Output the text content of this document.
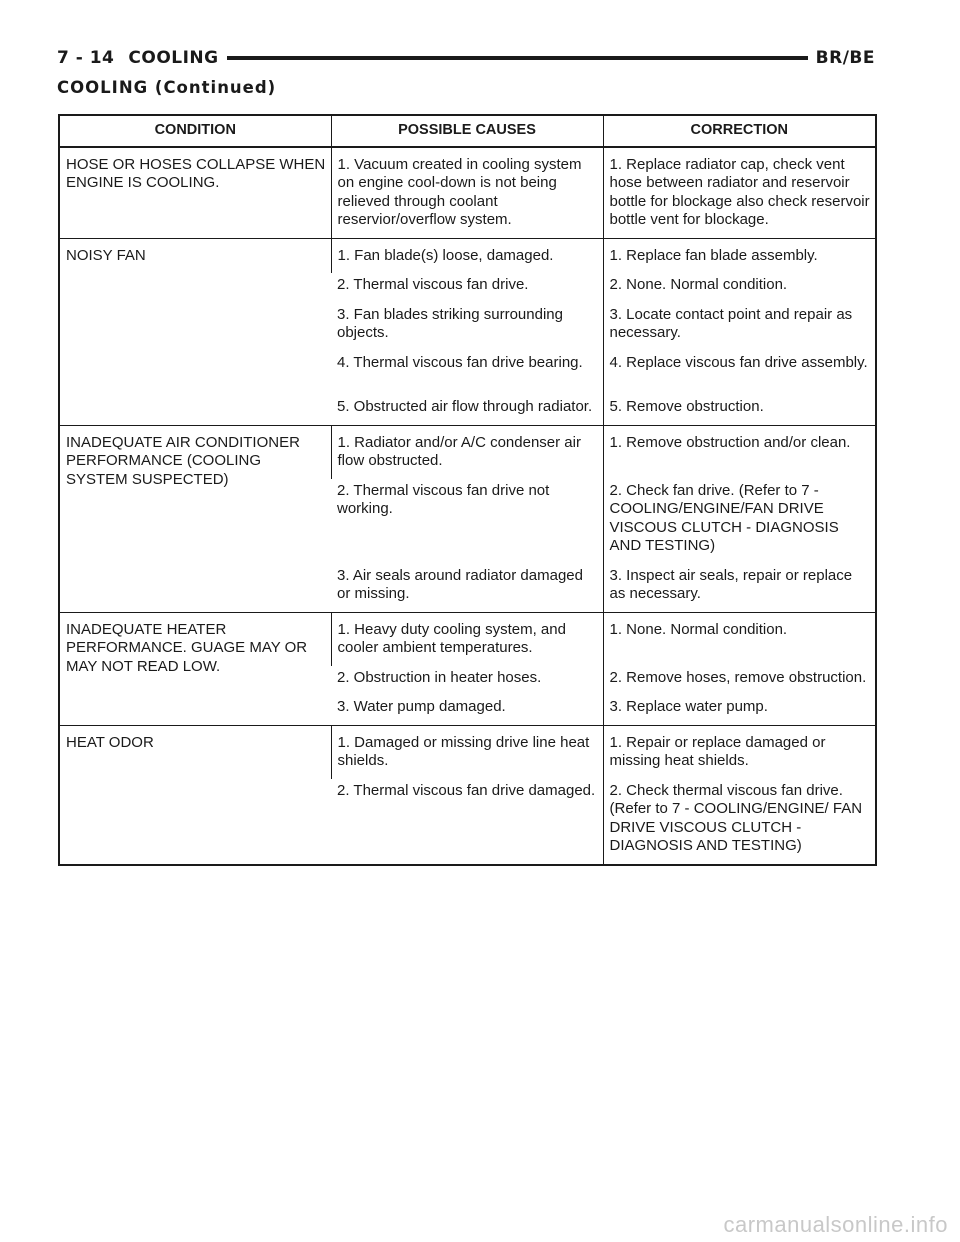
7 - 14 COOLING	BR/BE
COOLING (Continued)
CONDITION	POSSIBLE CAUSES	CORRECTION
HOSE OR HOSES COLLAPSE WHEN ENGINE IS COOLING.	1. Vacuum created in cooling system on engine cool-down is not being relieved through coolant reservior/overflow system.	1. Replace radiator cap, check vent hose between radiator and reservoir bottle for blockage also check reservoir bottle vent for blockage.
NOISY FAN	1. Fan blade(s) loose, damaged.	1. Replace fan blade assembly.
	2. Thermal viscous fan drive.	2. None. Normal condition.
	3. Fan blades striking surrounding objects.	3. Locate contact point and repair as necessary.
	4. Thermal viscous fan drive bearing.	4. Replace viscous fan drive assembly.
	5. Obstructed air flow through radiator.	5. Remove obstruction.
INADEQUATE AIR CONDITIONER PERFORMANCE (COOLING SYSTEM SUSPECTED)	1. Radiator and/or A/C condenser air flow obstructed.	1. Remove obstruction and/or clean.
	2. Thermal viscous fan drive not working.	2. Check fan drive. (Refer to 7 - COOLING/ENGINE/FAN DRIVE VISCOUS CLUTCH - DIAGNOSIS AND TESTING)
	3. Air seals around radiator damaged or missing.	3. Inspect air seals, repair or replace as necessary.
INADEQUATE HEATER PERFORMANCE. GUAGE MAY OR MAY NOT READ LOW.	1. Heavy duty cooling system, and cooler ambient temperatures.	1. None. Normal condition.
	2. Obstruction in heater hoses.	2. Remove hoses, remove obstruction.
	3. Water pump damaged.	3. Replace water pump.
HEAT ODOR	1. Damaged or missing drive line heat shields.	1. Repair or replace damaged or missing heat shields.
	2. Thermal viscous fan drive damaged.	2. Check thermal viscous fan drive. (Refer to 7 - COOLING/ENGINE/ FAN DRIVE VISCOUS CLUTCH - DIAGNOSIS AND TESTING)
carmanualsonline.info
